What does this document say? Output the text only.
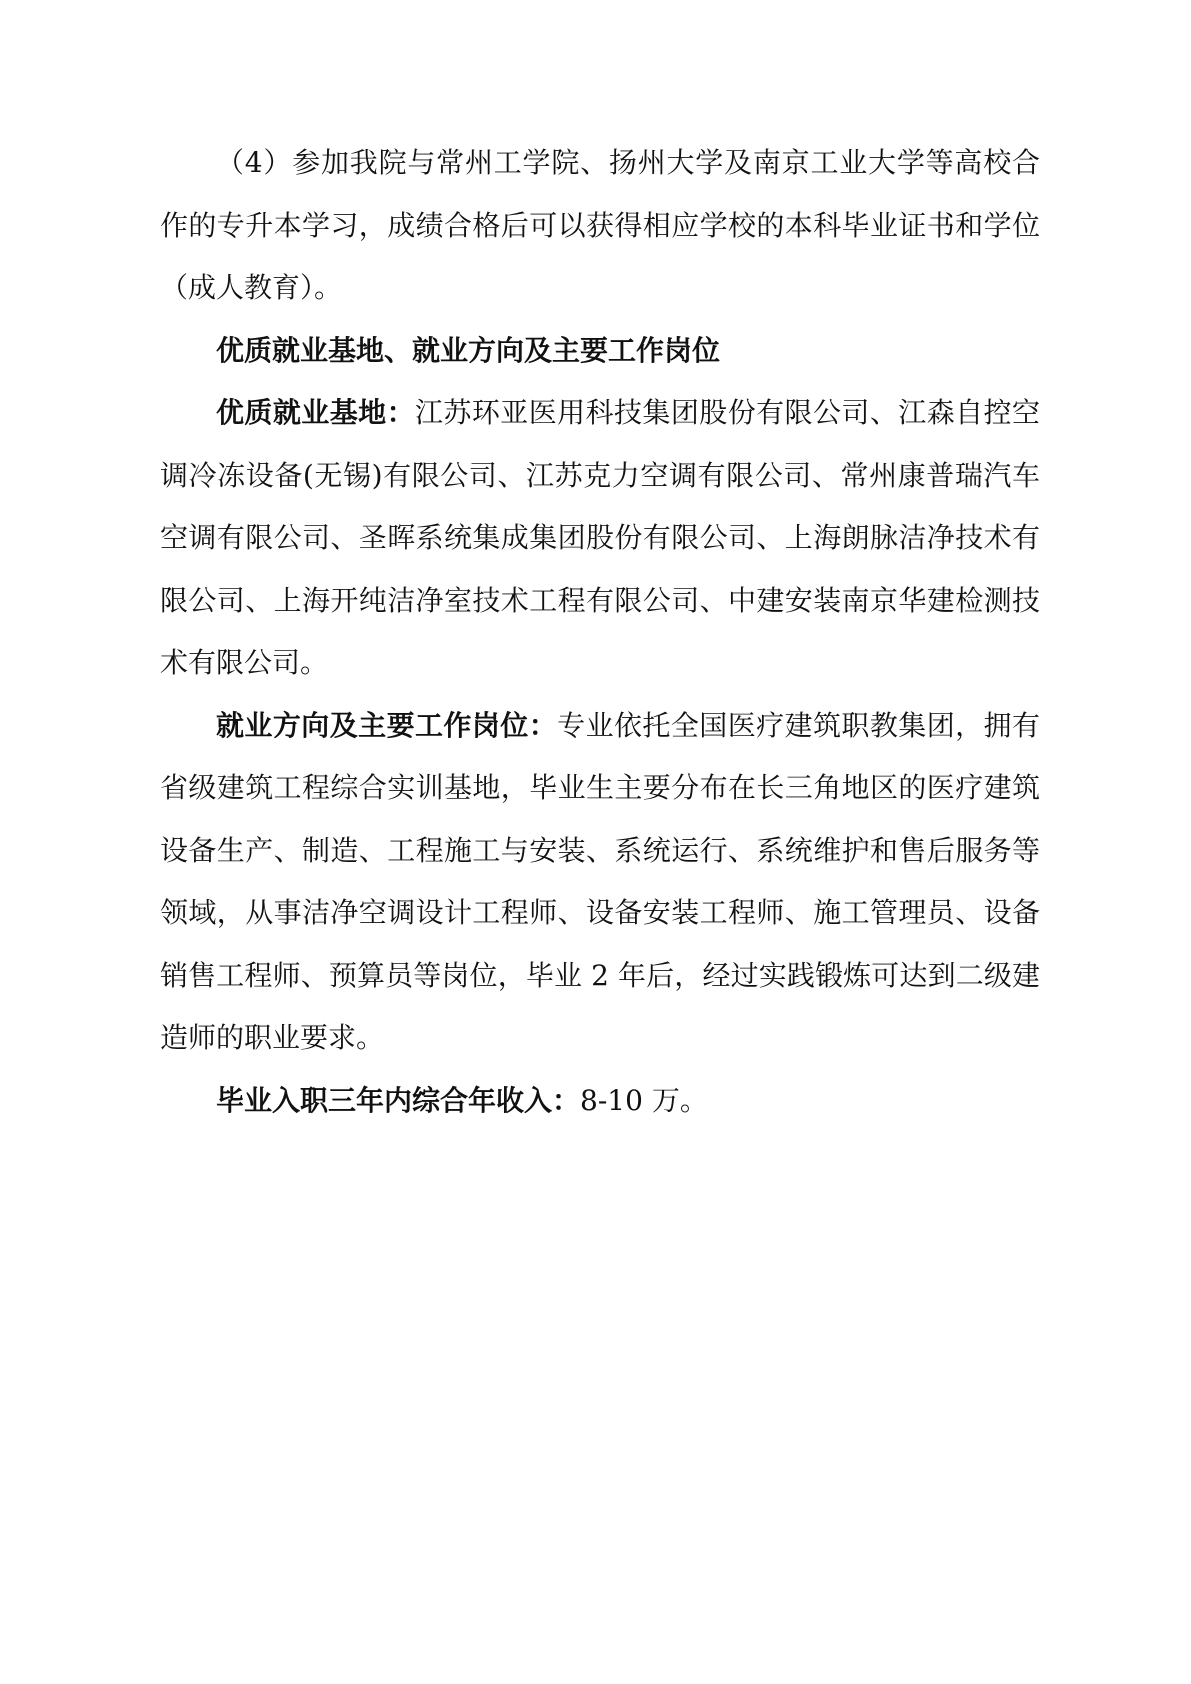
（4）参加我院与常州工学院、扬州大学及南京工业大学等高校合作的专升本学习，成绩合格后可以获得相应学校的本科毕业证书和学位（成人教育）。

优质就业基地、就业方向及主要工作岗位

优质就业基地：江苏环亚医用科技集团股份有限公司、江森自控空调冷冻设备(无锡)有限公司、江苏克力空调有限公司、常州康普瑞汽车空调有限公司、圣晖系统集成集团股份有限公司、上海朗脉洁净技术有限公司、上海开纯洁净室技术工程有限公司、中建安装南京华建检测技术有限公司。

就业方向及主要工作岗位：专业依托全国医疗建筑职教集团，拥有省级建筑工程综合实训基地，毕业生主要分布在长三角地区的医疗建筑设备生产、制造、工程施工与安装、系统运行、系统维护和售后服务等领域，从事洁净空调设计工程师、设备安装工程师、施工管理员、设备销售工程师、预算员等岗位，毕业 2 年后，经过实践锻炼可达到二级建造师的职业要求。

毕业入职三年内综合年收入：8-10 万。
